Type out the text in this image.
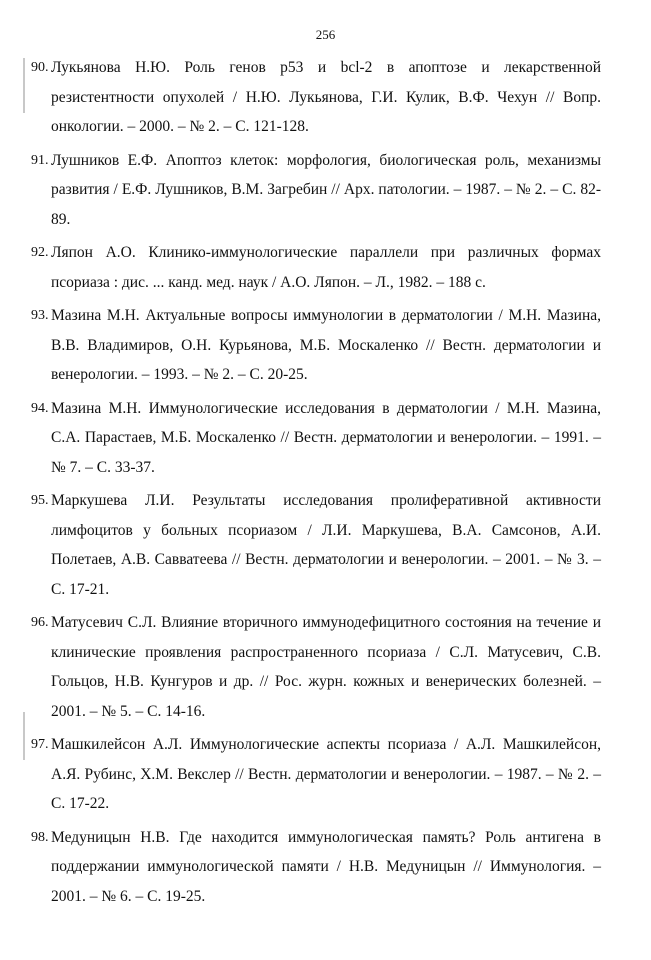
256
90. Лукьянова Н.Ю. Роль генов p53 и bcl-2 в апоптозе и лекарственной резистентности опухолей / Н.Ю. Лукьянова, Г.И. Кулик, В.Ф. Чехун // Вопр. онкологии. – 2000. – № 2. – С. 121-128.
91. Лушников Е.Ф. Апоптоз клеток: морфология, биологическая роль, механизмы развития / Е.Ф. Лушников, В.М. Загребин // Арх. патологии. – 1987. – № 2. – С. 82-89.
92. Ляпон А.О. Клинико-иммунологические параллели при различных формах псориаза : дис. ... канд. мед. наук / А.О. Ляпон. – Л., 1982. – 188 с.
93. Мазина М.Н. Актуальные вопросы иммунологии в дерматологии / М.Н. Мазина, В.В. Владимиров, О.Н. Курьянова, М.Б. Москаленко // Вестн. дерматологии и венерологии. – 1993. – № 2. – С. 20-25.
94. Мазина М.Н. Иммунологические исследования в дерматологии / М.Н. Мазина, С.А. Парастаев, М.Б. Москаленко // Вестн. дерматологии и венерологии. – 1991. – № 7. – С. 33-37.
95. Маркушева Л.И. Результаты исследования пролиферативной активности лимфоцитов у больных псориазом / Л.И. Маркушева, В.А. Самсонов, А.И. Полетаев, А.В. Савватеева // Вестн. дерматологии и венерологии. – 2001. – № 3. – С. 17-21.
96. Матусевич С.Л. Влияние вторичного иммунодефицитного состояния на течение и клинические проявления распространенного псориаза / С.Л. Матусевич, С.В. Гольцов, Н.В. Кунгуров и др. // Рос. журн. кожных и венерических болезней. – 2001. – № 5. – С. 14-16.
97. Машкилейсон А.Л. Иммунологические аспекты псориаза / А.Л. Машкилейсон, А.Я. Рубинс, Х.М. Векслер // Вестн. дерматологии и венерологии. – 1987. – № 2. – С. 17-22.
98. Медуницын Н.В. Где находится иммунологическая память? Роль антигена в поддержании иммунологической памяти / Н.В. Медуницын // Иммунология. – 2001. – № 6. – С. 19-25.
